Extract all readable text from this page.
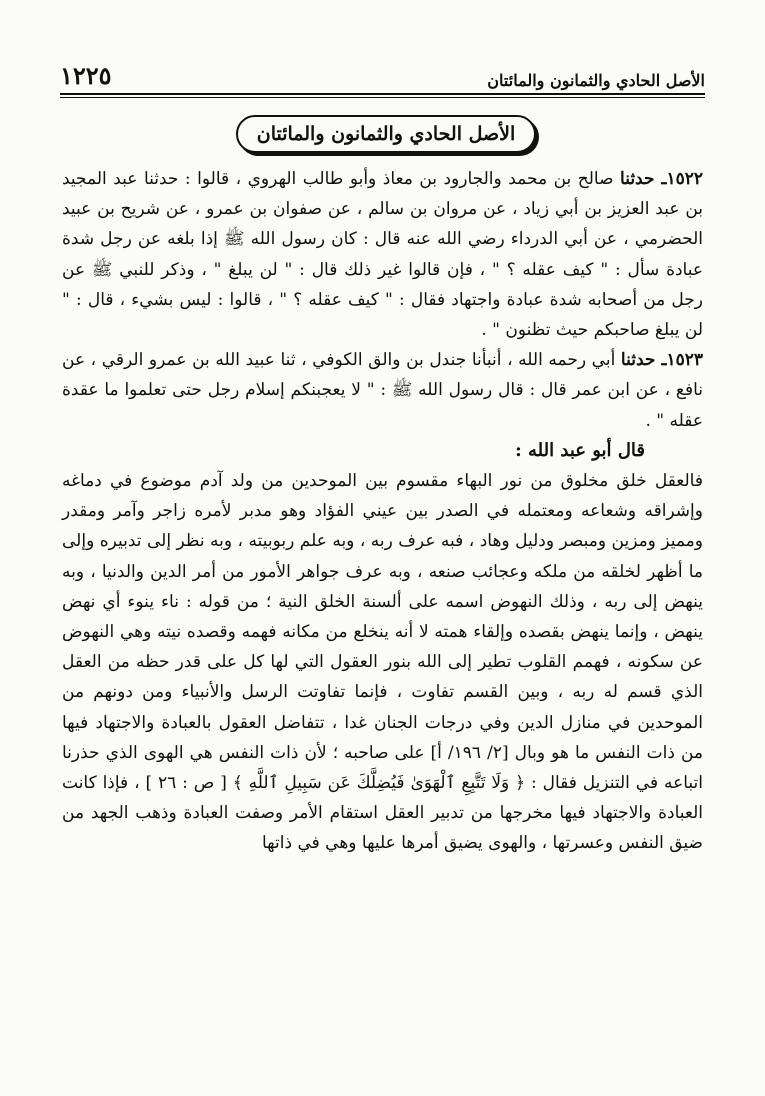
الأصل الحادي والثمانون والمائتان
١٢٢٥
الأصل الحادي والثمانون والمائتان

١٥٢٢ـ حدثنا صالح بن محمد والجارود بن معاذ وأبو طالب الهروي ، قالوا : حدثنا عبد المجيد بن عبد العزيز بن أبي زياد ، عن مروان بن سالم ، عن صفوان بن عمرو ، عن شريح بن عبيد الحضرمي ، عن أبي الدرداء رضي الله عنه قال : كان رسول الله ﷺ إذا بلغه عن رجل شدة عبادة سأل : " كيف عقله ؟ " ، فإن قالوا غير ذلك قال : " لن يبلغ " ، وذكر للنبي ﷺ عن رجل من أصحابه شدة عبادة واجتهاد فقال : " كيف عقله ؟ " ، قالوا : ليس بشيء ، قال : " لن يبلغ صاحبكم حيث تظنون " .

١٥٢٣ـ حدثنا أبي رحمه الله ، أنبأنا جندل بن والق الكوفي ، ثنا عبيد الله بن عمرو الرقي ، عن نافع ، عن ابن عمر قال : قال رسول الله ﷺ : " لا يعجبنكم إسلام رجل حتى تعلموا ما عقدة عقله " .

قال أبو عبد الله :

فالعقل خلق مخلوق من نور البهاء مقسوم بين الموحدين من ولد آدم موضوع في دماغه وإشراقه وشعاعه ومعتمله في الصدر بين عيني الفؤاد وهو مدبر لأمره زاجر وآمر ومقدر ومميز ومزين ومبصر ودليل وهاد ، فبه عرف ربه ، وبه علم ربوبيته ، وبه نظر إلى تدبيره وإلى ما أظهر لخلقه من ملكه وعجائب صنعه ، وبه عرف جواهر الأمور من أمر الدين والدنيا ، وبه ينهض إلى ربه ، وذلك النهوض اسمه على ألسنة الخلق النية ؛ من قوله : ناء ينوء أي نهض ينهض ، وإنما ينهض بقصده وإلقاء همته لا أنه ينخلع من مكانه فهمه وقصده نيته وهي النهوض عن سكونه ، فهمم القلوب تطير إلى الله بنور العقول التي لها كل على قدر حظه من العقل الذي قسم له ربه ، وبين القسم تفاوت ، فإنما تفاوتت الرسل والأنبياء ومن دونهم من الموحدين في منازل الدين وفي درجات الجنان غدا ، تتفاضل العقول بالعبادة والاجتهاد فيها من ذات النفس ما هو وبال [٢/ ١٩٦/ أ] على صاحبه ؛ لأن ذات النفس هي الهوى الذي حذرنا اتباعه في التنزيل فقال : ﴿ وَلَا تَتَّبِعِ ٱلْهَوَىٰ فَيُضِلَّكَ عَن سَبِيلِ ٱللَّهِ ﴾ [ ص : ٢٦ ] ، فإذا كانت العبادة والاجتهاد فيها مخرجها من تدبير العقل استقام الأمر وصفت العبادة وذهب الجهد من ضيق النفس وعسرتها ، والهوى يضيق أمرها عليها وهي في ذاتها
